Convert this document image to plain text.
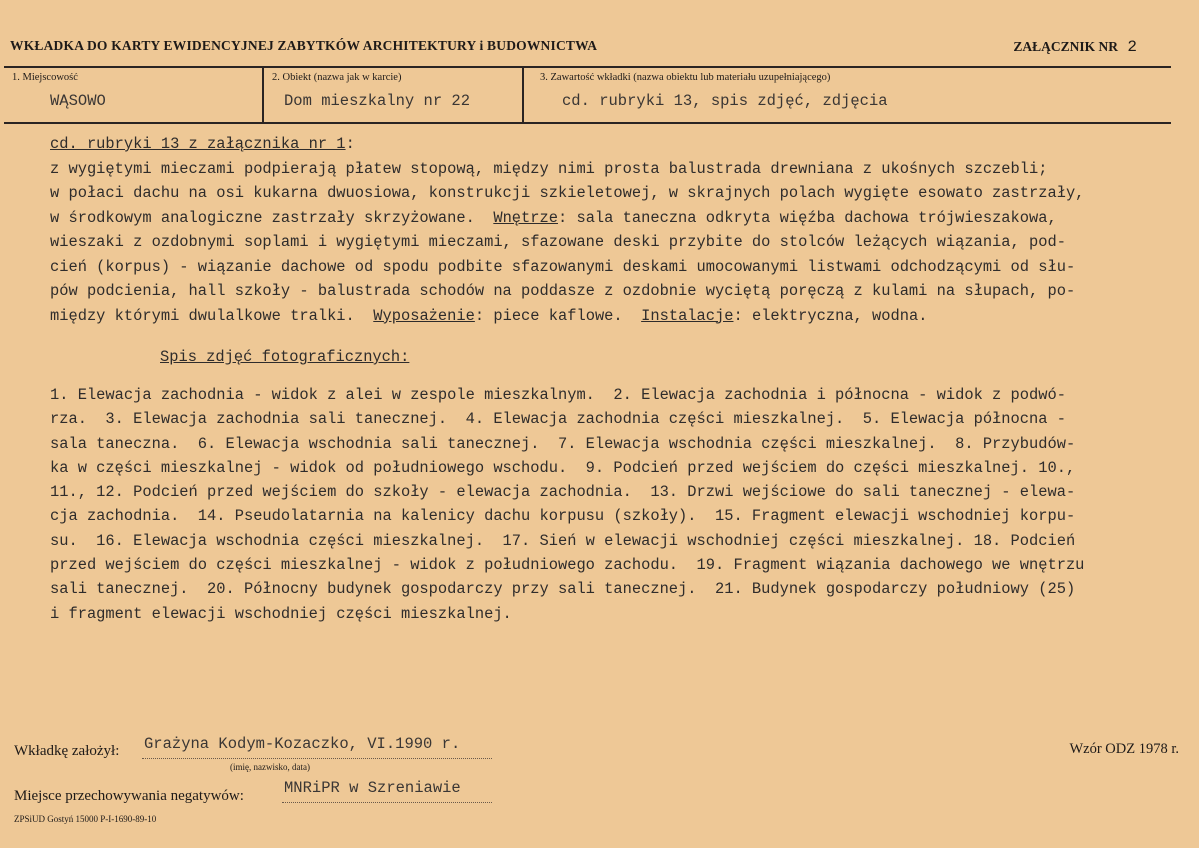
WKŁADKA DO KARTY EWIDENCYJNEJ ZABYTKÓW ARCHITEKTURY i BUDOWNICTWA	ZAŁĄCZNIK NR 2
1. Miejscowość
WĄSOWO
2. Obiekt (nazwa jak w karcie)
Dom mieszkalny nr 22
3. Zawartość wkładki (nazwa obiektu lub materiału uzupełniającego)
cd. rubryki 13, spis zdjęć, zdjęcia
cd. rubryki 13 z załącznika nr 1:
z wygiętymi mieczami podpierają płatew stopową, między nimi prosta balustrada drewniana z ukośnych szczebli;
w połaci dachu na osi kukarna dwuosiowa, konstrukcji szkieletowej, w skrajnych polach wygięte esowato zastrzały,
w środkowym analogiczne zastrzały skrzyżowane.  Wnętrze: sala taneczna odkryta więźba dachowa trójwieszakowa,
wieszaki z ozdobnymi soplami i wygiętymi mieczami, sfazowane deski przybite do stolców leżących wiązania, pod-
cień (korpus) - wiązanie dachowe od spodu podbite sfazowanymi deskami umocowanymi listwami odchodzącymi od słu-
pów podcienia, hall szkoły - balustrada schodów na poddasze z ozdobnie wyciętą poręczą z kulami na słupach, po-
między którymi dwulalkowe tralki.  Wyposażenie: piece kaflowe.  Instalacje: elektryczna, wodna.
Spis zdjęć fotograficznych:
1. Elewacja zachodnia - widok z alei w zespole mieszkalnym.  2. Elewacja zachodnia i północna - widok z podwó-
rza.  3. Elewacja zachodnia sali tanecznej.  4. Elewacja zachodnia części mieszkalnej.  5. Elewacja północna -
sala taneczna.  6. Elewacja wschodnia sali tanecznej.  7. Elewacja wschodnia części mieszkalnej.  8. Przybudów-
ka w części mieszkalnej - widok od południowego wschodu.  9. Podcień przed wejściem do części mieszkalnej. 10.,
11., 12. Podcień przed wejściem do szkoły - elewacja zachodnia.  13. Drzwi wejściowe do sali tanecznej - elewa-
cja zachodnia.  14. Pseudolatarnia na kalenicy dachu korpusu (szkoły).  15. Fragment elewacji wschodniej korpu-
su.  16. Elewacja wschodnia części mieszkalnej.  17. Sień w elewacji wschodniej części mieszkalnej. 18. Podcień
przed wejściem do części mieszkalnej - widok z południowego zachodu.  19. Fragment wiązania dachowego we wnętrzu
sali tanecznej.  20. Północny budynek gospodarczy przy sali tanecznej.  21. Budynek gospodarczy południowy (25)
i fragment elewacji wschodniej części mieszkalnej.
Wkładkę założył: Grażyna Kodym-Kozaczko, VI.1990 r.
(imię, nazwisko, data)
Wzór ODZ 1978 r.
Miejsce przechowywania negatywów:	MNRiPR w Szreniawie
ZPSiUD Gostyń 15000 P-I-1690-89-10
